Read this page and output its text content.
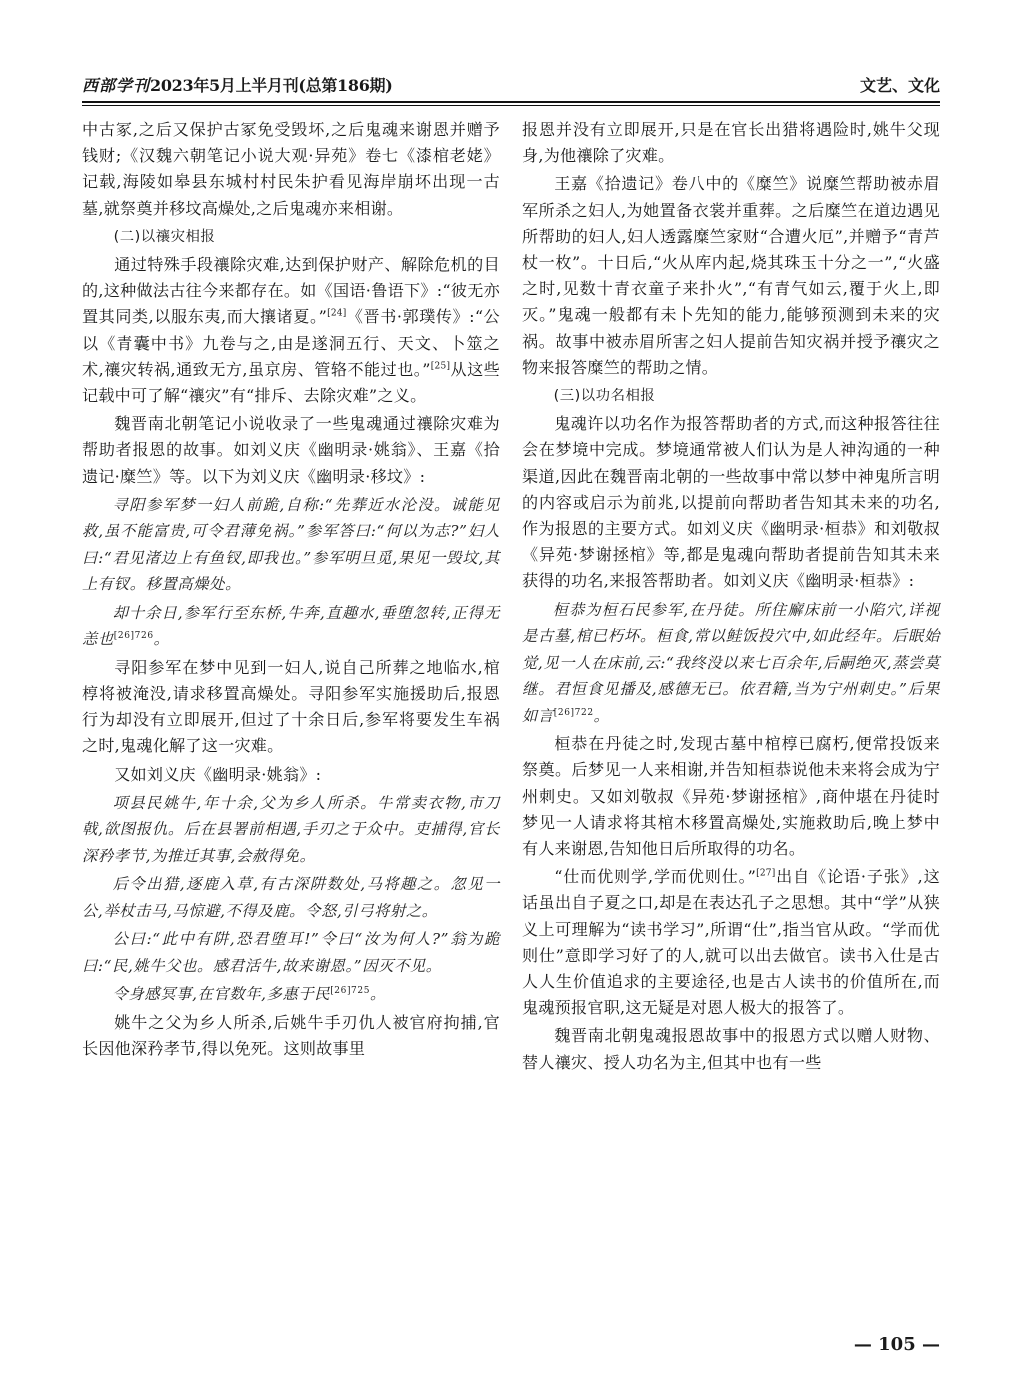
西部学刊2023年5月上半月刊(总第186期)	文艺、文化
中古冢,之后又保护古冢免受毁坏,之后鬼魂来谢恩并赠予钱财;《汉魏六朝笔记小说大观·异苑》卷七《漆棺老姥》记载,海陵如皋县东城村村民朱护看见海岸崩坏出现一古墓,就祭奠并移坟高燥处,之后鬼魂亦来相谢。
(二)以禳灾相报
通过特殊手段禳除灾难,达到保护财产、解除危机的目的,这种做法古往今来都存在。如《国语·鲁语下》:“彼无亦置其同类,以服东夷,而大攘诸夏。”[24]《晋书·郭璞传》:“公以《青囊中书》九卷与之,由是遂洞五行、天文、卜筮之术,禳灾转祸,通致无方,虽京房、管辂不能过也。”[25]从这些记载中可了解“禳灾”有“排斥、去除灾难”之义。
魏晋南北朝笔记小说收录了一些鬼魂通过禳除灾难为帮助者报恩的故事。如刘义庆《幽明录·姚翁》、王嘉《拾遗记·糜竺》等。以下为刘义庆《幽明录·移坟》:
寻阳参军梦一妇人前跪,自称:“先葬近水沦没。诚能见救,虽不能富贵,可令君薄免祸。”参军答曰:“何以为志?”妇人曰:“君见渚边上有鱼钗,即我也。”参军明旦觅,果见一毁坟,其上有钗。移置高燥处。
却十余日,参军行至东桥,牛奔,直趣水,垂堕忽转,正得无恙也$^{[26]726}$。
寻阳参军在梦中见到一妇人,说自己所葬之地临水,棺椁将被淹没,请求移置高燥处。寻阳参军实施援助后,报恩行为却没有立即展开,但过了十余日后,参军将要发生车祸之时,鬼魂化解了这一灾难。
又如刘义庆《幽明录·姚翁》:
项县民姚牛,年十余,父为乡人所杀。牛常卖衣物,市刀戟,欲图报仇。后在县署前相遇,手刃之于众中。吏捕得,官长深矜孝节,为推迁其事,会赦得免。
后令出猎,逐鹿入草,有古深阱数处,马将趣之。忽见一公,举杖击马,马惊避,不得及鹿。令怒,引弓将射之。
公曰:“此中有阱,恐君堕耳!”令曰“汝为何人?”翁为跪曰:“民,姚牛父也。感君活牛,故来谢恩。”因灭不见。
令身感冥事,在官数年,多惠于民$^{[26]725}$。
姚牛之父为乡人所杀,后姚牛手刃仇人被官府拘捕,官长因他深矜孝节,得以免死。这则故事里
报恩并没有立即展开,只是在官长出猎将遇险时,姚牛父现身,为他禳除了灾难。
王嘉《拾遗记》卷八中的《糜竺》说糜竺帮助被赤眉军所杀之妇人,为她置备衣裳并重葬。之后糜竺在道边遇见所帮助的妇人,妇人透露糜竺家财“合遭火厄”,并赠予“青芦杖一枚”。十日后,“火从库内起,烧其珠玉十分之一”,“火盛之时,见数十青衣童子来扑火”,“有青气如云,覆于火上,即灭。”鬼魂一般都有未卜先知的能力,能够预测到未来的灾祸。故事中被赤眉所害之妇人提前告知灾祸并授予禳灾之物来报答糜竺的帮助之情。
(三)以功名相报
鬼魂许以功名作为报答帮助者的方式,而这种报答往往会在梦境中完成。梦境通常被人们认为是人神沟通的一种渠道,因此在魏晋南北朝的一些故事中常以梦中神鬼所言明的内容或启示为前兆,以提前向帮助者告知其未来的功名,作为报恩的主要方式。如刘义庆《幽明录·桓恭》和刘敬叔《异苑·梦谢拯棺》等,都是鬼魂向帮助者提前告知其未来获得的功名,来报答帮助者。如刘义庆《幽明录·桓恭》:
桓恭为桓石民参军,在丹徒。所住廨床前一小陷穴,详视是古墓,棺已朽坏。桓食,常以鲑饭投穴中,如此经年。后眠始觉,见一人在床前,云:“我终没以来七百余年,后嗣绝灭,蒸尝莫继。君恒食见播及,感德无已。依君籍,当为宁州刺史。”后果如言$^{[26]722}$。
桓恭在丹徒之时,发现古墓中棺椁已腐朽,便常投饭来祭奠。后梦见一人来相谢,并告知桓恭说他未来将会成为宁州刺史。又如刘敬叔《异苑·梦谢拯棺》,商仲堪在丹徒时梦见一人请求将其棺木移置高燥处,实施救助后,晚上梦中有人来谢恩,告知他日后所取得的功名。
“仕而优则学,学而优则仕。”[27]出自《论语·子张》,这话虽出自子夏之口,却是在表达孔子之思想。其中“学”从狭义上可理解为“读书学习”,所谓“仕”,指当官从政。“学而优则仕”意即学习好了的人,就可以出去做官。读书入仕是古人人生价值追求的主要途径,也是古人读书的价值所在,而鬼魂预报官职,这无疑是对恩人极大的报答了。
魏晋南北朝鬼魂报恩故事中的报恩方式以赠人财物、替人禳灾、授人功名为主,但其中也有一些
— 105 —
